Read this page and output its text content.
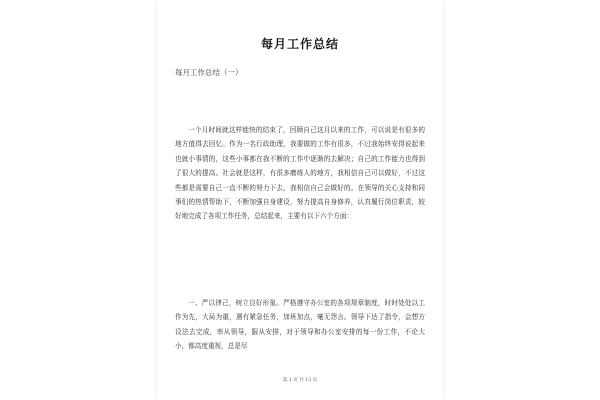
每月工作总结
每月工作总结（一）

一个月时间就这样能快的结束了，回顾自己这月以来的工作，可以说是有很多的地方值得去回忆。作为一名行政助理，我要做的工作有很多，不过我始终安得说起来也就小事情的，这些小事都在我不断的工作中逐渐的去解决；自己的工作能力也得到了很大的提高。社会就是这样，有很多磨练人的地方，我相信自己可以做好，不过这些都是需要自己一直不断的努力下去，我相信自己会做好的。在领导的关心支持和同事们的热情帮助下，不断加强自身建设，努力提高自身修养，认真履行岗位职责，较好地完成了各项工作任务，总结起来，主要有以下六个方面：

一、严以律己，树立良好形象。严格遵守办公室的各项规章制度，时时处处以工作为先，大局为重，遇有紧急任务，加班加点，毫无怨言。领导下达了指令，会想方设法去完成，率从领导，服从安排，对于领导和办公室安排的每一份工作，不论大小，都高度重视，总是尽

第 1 页 共 13 页
